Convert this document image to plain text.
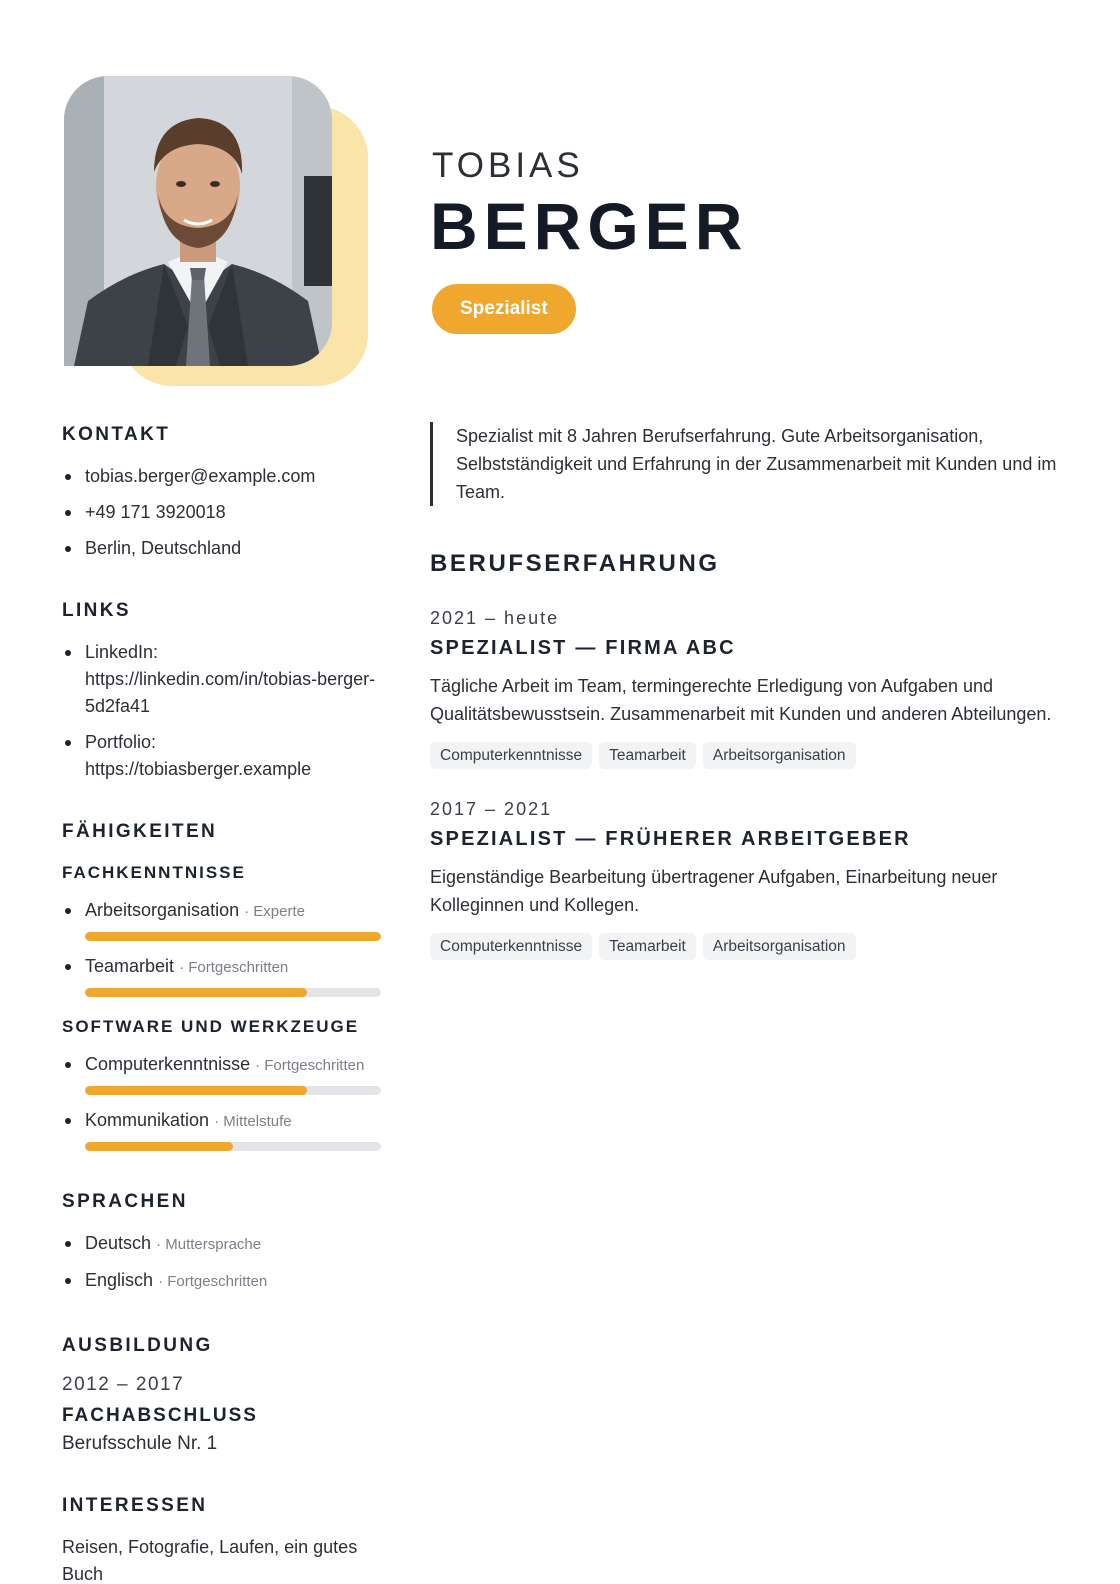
TOBIAS
BERGER
Spezialist
KONTAKT
tobias.berger@example.com
+49 171 3920018
Berlin, Deutschland
LINKS
LinkedIn:
https://linkedin.com/in/tobias-berger-5d2fa41
Portfolio:
https://tobiasberger.example
FÄHIGKEITEN
FACHKENNTNISSE
Arbeitsorganisation · Experte
Teamarbeit · Fortgeschritten
SOFTWARE UND WERKZEUGE
Computerkenntnisse · Fortgeschritten
Kommunikation · Mittelstufe
SPRACHEN
Deutsch · Muttersprache
Englisch · Fortgeschritten
AUSBILDUNG
2012 – 2017
FACHABSCHLUSS
Berufsschule Nr. 1
INTERESSEN
Reisen, Fotografie, Laufen, ein gutes Buch
Spezialist mit 8 Jahren Berufserfahrung. Gute Arbeitsorganisation, Selbstständigkeit und Erfahrung in der Zusammenarbeit mit Kunden und im Team.
BERUFSERFAHRUNG
2021 – heute
SPEZIALIST — FIRMA ABC
Tägliche Arbeit im Team, termingerechte Erledigung von Aufgaben und Qualitätsbewusstsein. Zusammenarbeit mit Kunden und anderen Abteilungen.
Computerkenntnisse	Teamarbeit	Arbeitsorganisation
2017 – 2021
SPEZIALIST — FRÜHERER ARBEITGEBER
Eigenständige Bearbeitung übertragener Aufgaben, Einarbeitung neuer Kolleginnen und Kollegen.
Computerkenntnisse	Teamarbeit	Arbeitsorganisation
